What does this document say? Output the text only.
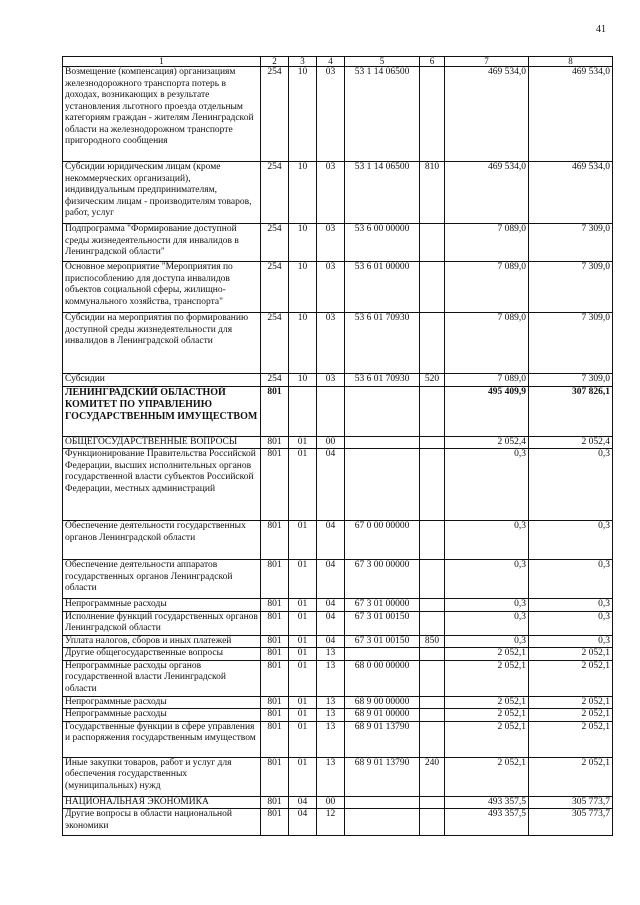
41
1	2	3	4	5	6	7	8
Возмещение (компенсация) организациям железнодорожного транспорта потерь в доходах, возникающих в результате установления льготного проезда отдельным категориям граждан - жителям Ленинградской области на железнодорожном транспорте пригородного сообщения	254	10	03	53 1 14 06500		469 534,0	469 534,0
Субсидии юридическим лицам (кроме некоммерческих организаций), индивидуальным предпринимателям, физическим лицам - производителям товаров, работ, услуг	254	10	03	53 1 14 06500	810	469 534,0	469 534,0
Подпрограмма "Формирование доступной среды жизнедеятельности для инвалидов в Ленинградской области"	254	10	03	53 6 00 00000		7 089,0	7 309,0
Основное мероприятие "Мероприятия по приспособлению для доступа инвалидов объектов социальной сферы, жилищно-коммунального хозяйства, транспорта"	254	10	03	53 6 01 00000		7 089,0	7 309,0
Субсидии на мероприятия по формированию доступной среды жизнедеятельности для инвалидов в Ленинградской области	254	10	03	53 6 01 70930		7 089,0	7 309,0
Субсидии	254	10	03	53 6 01 70930	520	7 089,0	7 309,0
ЛЕНИНГРАДСКИЙ ОБЛАСТНОЙ КОМИТЕТ ПО УПРАВЛЕНИЮ ГОСУДАРСТВЕННЫМ ИМУЩЕСТВОМ	801					495 409,9	307 826,1
ОБЩЕГОСУДАРСТВЕННЫЕ ВОПРОСЫ	801	01	00			2 052,4	2 052,4
Функционирование Правительства Российской Федерации, высших исполнительных органов государственной власти субъектов Российской Федерации, местных администраций	801	01	04			0,3	0,3
Обеспечение деятельности государственных органов Ленинградской области	801	01	04	67 0 00 00000		0,3	0,3
Обеспечение деятельности аппаратов государственных органов Ленинградской области	801	01	04	67 3 00 00000		0,3	0,3
Непрограммные расходы	801	01	04	67 3 01 00000		0,3	0,3
Исполнение функций государственных органов Ленинградской области	801	01	04	67 3 01 00150		0,3	0,3
Уплата налогов, сборов и иных платежей	801	01	04	67 3 01 00150	850	0,3	0,3
Другие общегосударственные вопросы	801	01	13			2 052,1	2 052,1
Непрограммные расходы органов государственной власти Ленинградской области	801	01	13	68 0 00 00000		2 052,1	2 052,1
Непрограммные расходы	801	01	13	68 9 00 00000		2 052,1	2 052,1
Непрограммные расходы	801	01	13	68 9 01 00000		2 052,1	2 052,1
Государственные функции в сфере управления и распоряжения государственным имуществом	801	01	13	68 9 01 13790		2 052,1	2 052,1
Иные закупки товаров, работ и услуг для обеспечения государственных (муниципальных) нужд	801	01	13	68 9 01 13790	240	2 052,1	2 052,1
НАЦИОНАЛЬНАЯ ЭКОНОМИКА	801	04	00			493 357,5	305 773,7
Другие вопросы в области национальной экономики	801	04	12			493 357,5	305 773,7
